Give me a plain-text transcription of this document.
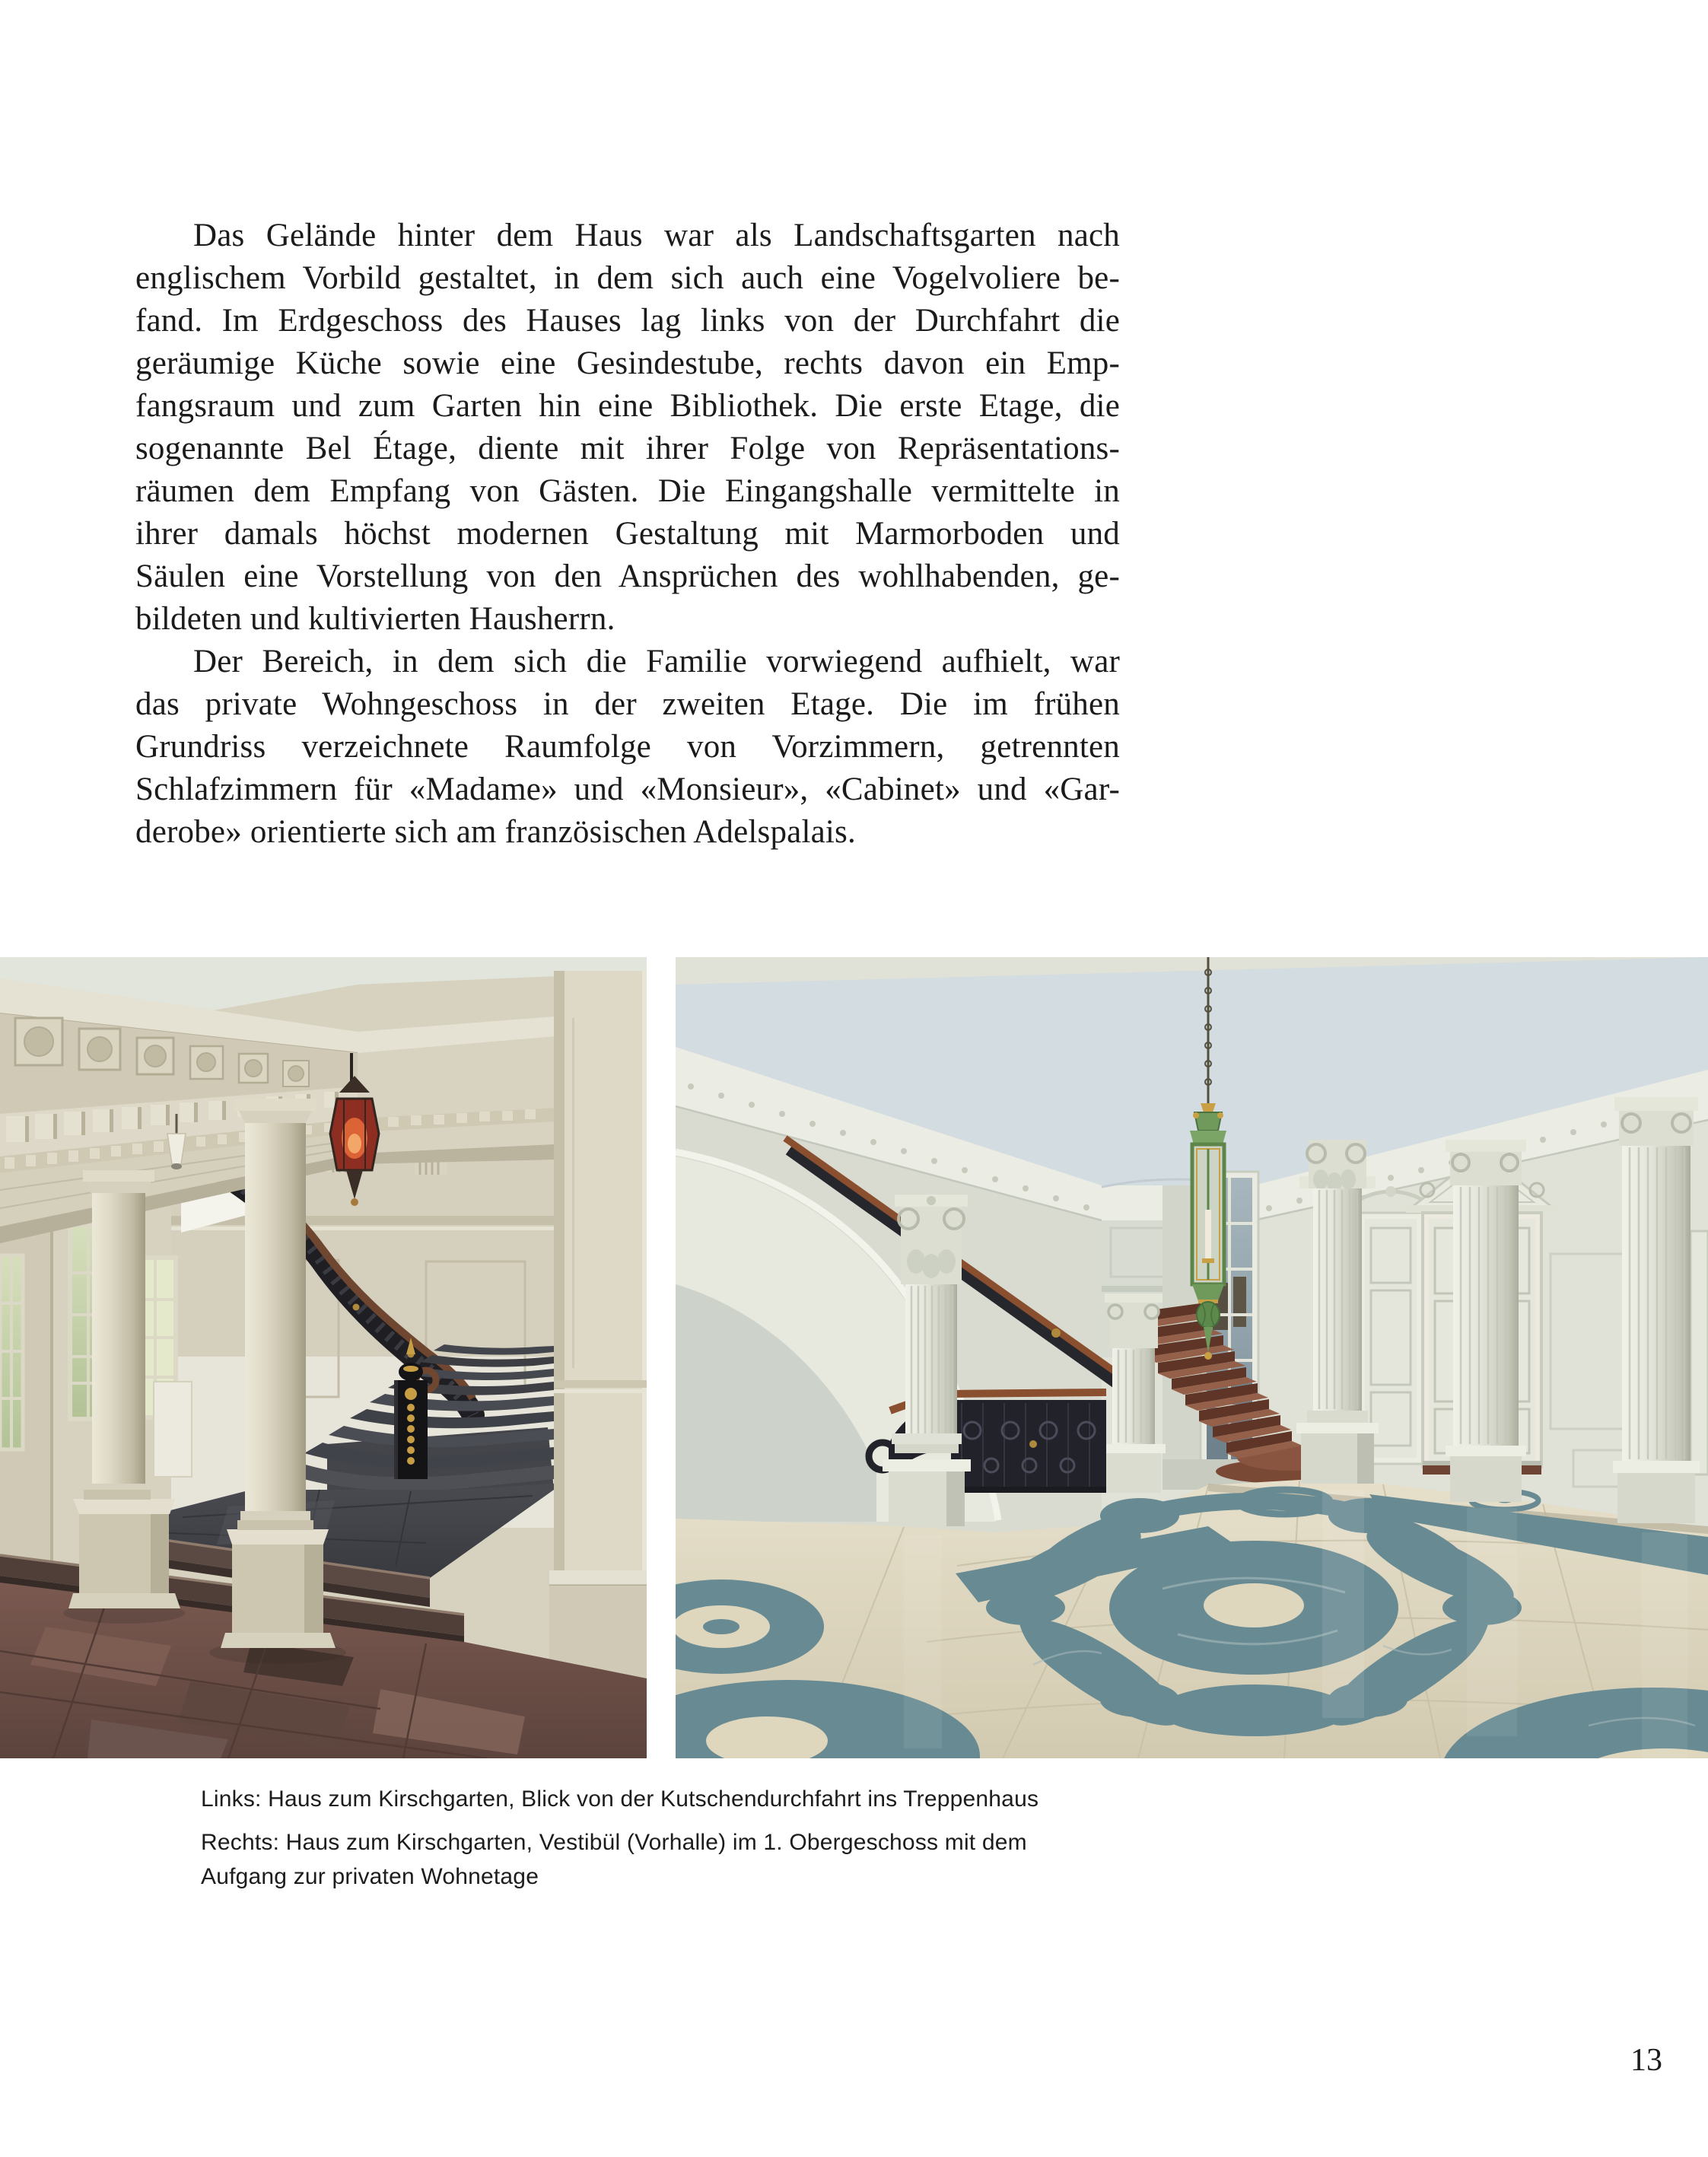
Das Gelände hinter dem Haus war als Landschaftsgarten nach
englischem Vorbild gestaltet, in dem sich auch eine Vogelvoliere be-
fand. Im Erdgeschoss des Hauses lag links von der Durchfahrt die
geräumige Küche sowie eine Gesindestube, rechts davon ein Emp-
fangsraum und zum Garten hin eine Bibliothek. Die erste Etage, die
sogenannte Bel Étage, diente mit ihrer Folge von Repräsentations-
räumen dem Empfang von Gästen. Die Eingangshalle vermittelte in
ihrer damals höchst modernen Gestaltung mit Marmorboden und
Säulen eine Vorstellung von den Ansprüchen des wohlhabenden, ge-
bildeten und kultivierten Hausherrn.
Der Bereich, in dem sich die Familie vorwiegend aufhielt, war
das private Wohngeschoss in der zweiten Etage. Die im frühen
Grundriss verzeichnete Raumfolge von Vorzimmern, getrennten
Schlafzimmern für «Madame» und «Monsieur», «Cabinet» und «Gar-
derobe» orientierte sich am französischen Adelspalais.
Links: Haus zum Kirschgarten, Blick von der Kutschendurchfahrt ins Treppenhaus
Rechts: Haus zum Kirschgarten, Vestibül (Vorhalle) im 1. Obergeschoss mit dem
Aufgang zur privaten Wohnetage
13
